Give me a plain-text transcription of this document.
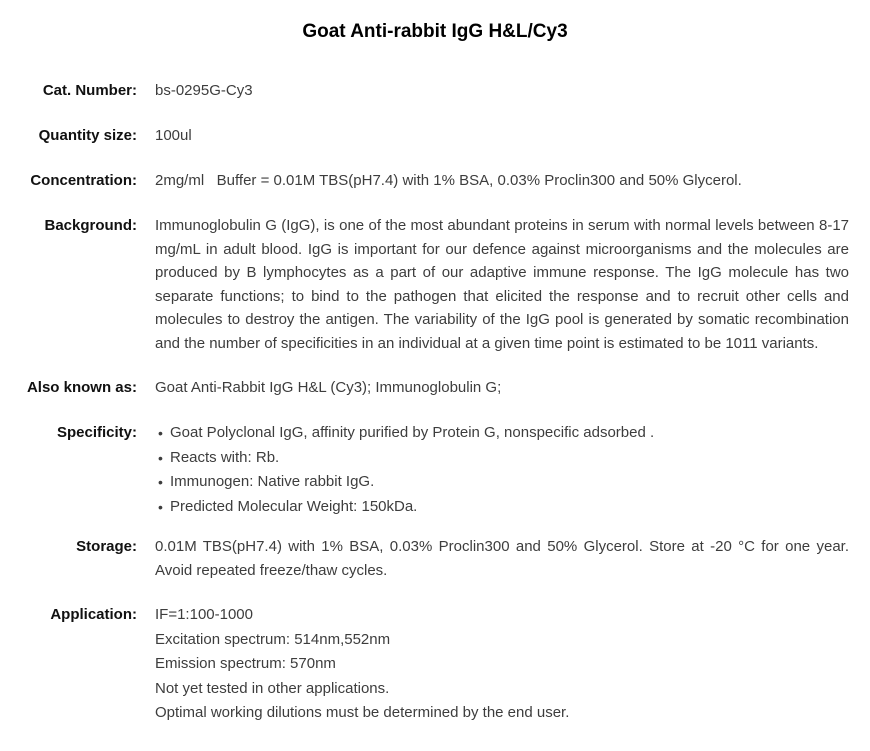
Goat Anti-rabbit IgG H&L/Cy3
Cat. Number: bs-0295G-Cy3
Quantity size: 100ul
Concentration: 2mg/ml   Buffer = 0.01M TBS(pH7.4) with 1% BSA, 0.03% Proclin300 and 50% Glycerol.
Background: Immunoglobulin G (IgG), is one of the most abundant proteins in serum with normal levels between 8-17 mg/mL in adult blood. IgG is important for our defence against microorganisms and the molecules are produced by B lymphocytes as a part of our adaptive immune response. The IgG molecule has two separate functions; to bind to the pathogen that elicited the response and to recruit other cells and molecules to destroy the antigen. The variability of the IgG pool is generated by somatic recombination and the number of specificities in an individual at a given time point is estimated to be 1011 variants.
Also known as: Goat Anti-Rabbit IgG H&L (Cy3); Immunoglobulin G;
Specificity: • Goat Polyclonal IgG, affinity purified by Protein G, nonspecific adsorbed .
• Reacts with: Rb.
• Immunogen: Native rabbit IgG.
• Predicted Molecular Weight: 150kDa.
Storage: 0.01M TBS(pH7.4) with 1% BSA, 0.03% Proclin300 and 50% Glycerol. Store at -20 °C for one year. Avoid repeated freeze/thaw cycles.
Application: IF=1:100-1000
Excitation spectrum: 514nm,552nm
Emission spectrum: 570nm
Not yet tested in other applications.
Optimal working dilutions must be determined by the end user.
